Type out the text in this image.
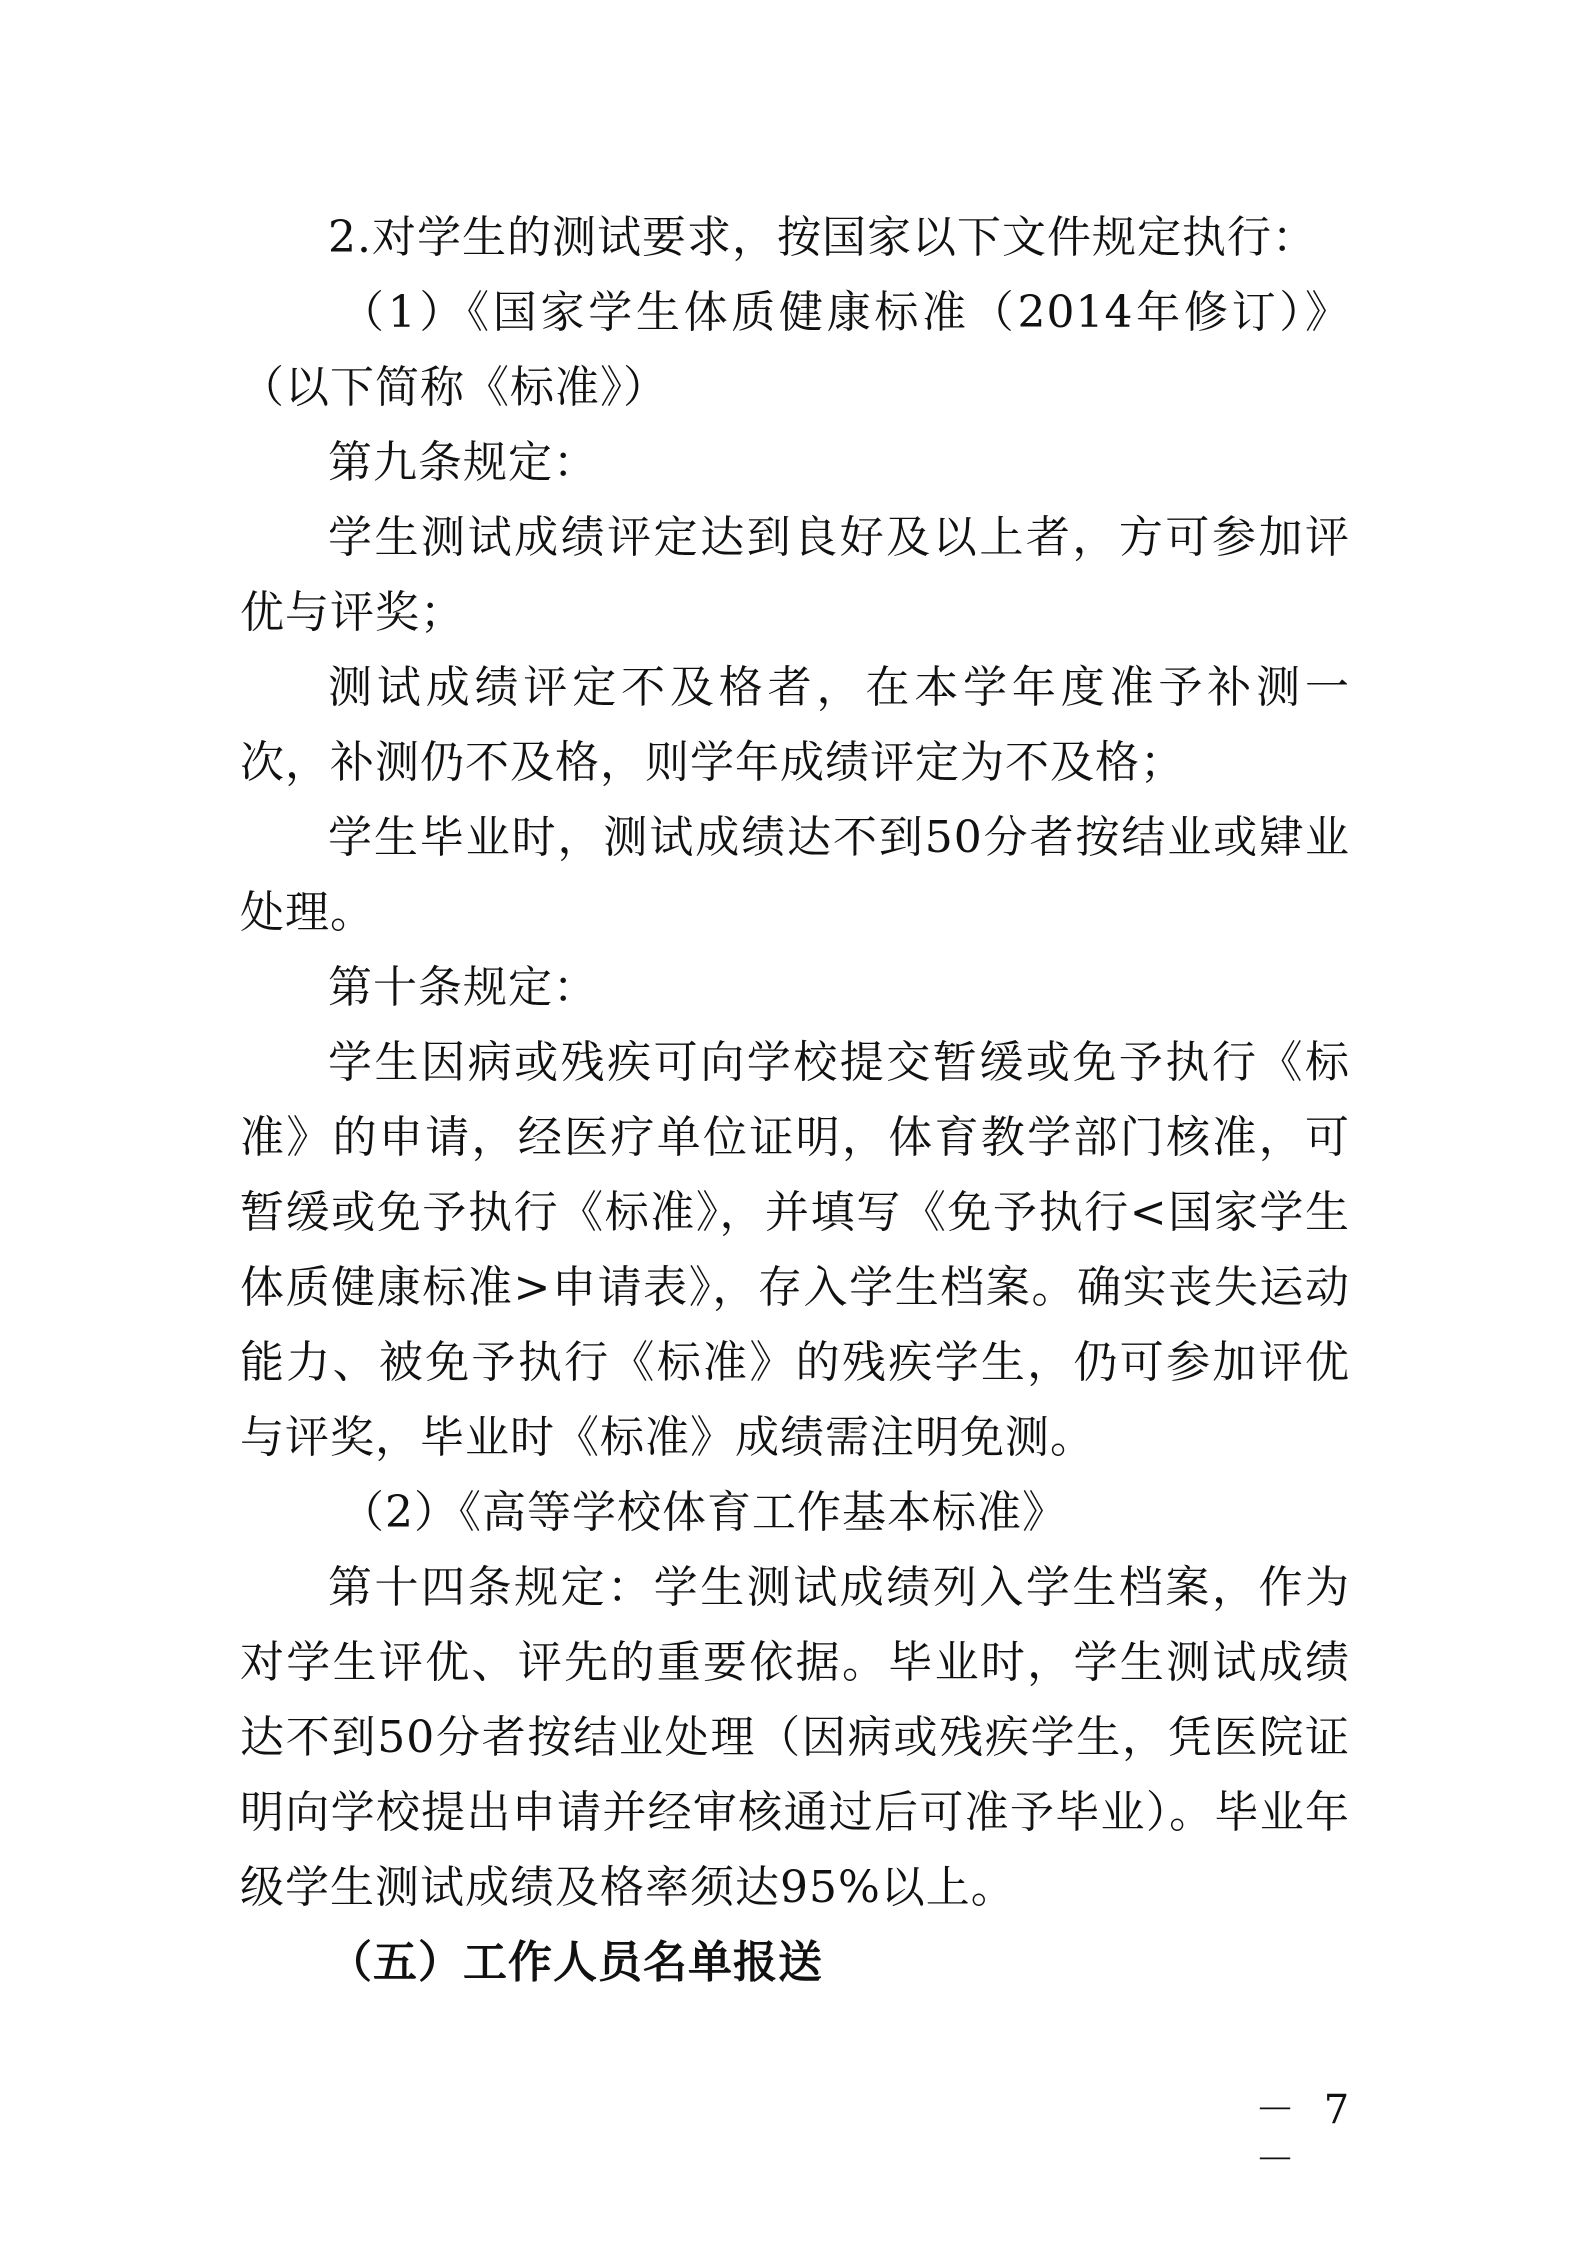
2.对学生的测试要求，按国家以下文件规定执行：

（1）《国家学生体质健康标准（2014年修订）》（以下简称《标准》）

第九条规定：

学生测试成绩评定达到良好及以上者，方可参加评优与评奖；

测试成绩评定不及格者，在本学年度准予补测一次，补测仍不及格，则学年成绩评定为不及格；

学生毕业时，测试成绩达不到50分者按结业或肄业处理。

第十条规定：

学生因病或残疾可向学校提交暂缓或免予执行《标准》的申请，经医疗单位证明，体育教学部门核准，可暂缓或免予执行《标准》，并填写《免予执行<国家学生体质健康标准>申请表》，存入学生档案。确实丧失运动能力、被免予执行《标准》的残疾学生，仍可参加评优与评奖，毕业时《标准》成绩需注明免测。

（2）《高等学校体育工作基本标准》

第十四条规定：学生测试成绩列入学生档案，作为对学生评优、评先的重要依据。毕业时，学生测试成绩达不到50分者按结业处理（因病或残疾学生，凭医院证明向学校提出申请并经审核通过后可准予毕业）。毕业年级学生测试成绩及格率须达95%以上。

（五）工作人员名单报送

－ 7 －
